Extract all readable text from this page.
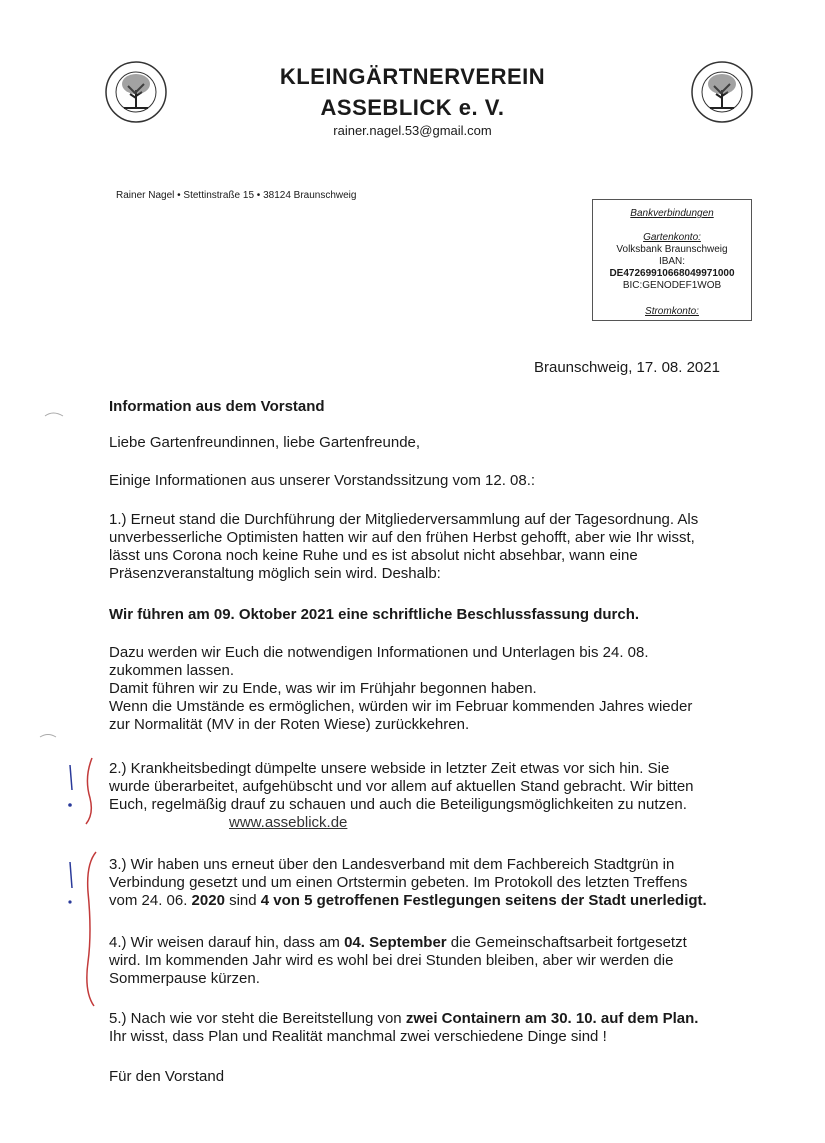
KLEINGÄRTNERVEREIN
ASSEBLICK e. V.
rainer.nagel.53@gmail.com
Rainer Nagel • Stettinstraße 15 • 38124 Braunschweig
Bankverbindungen
Gartenkonto:
Volksbank Braunschweig
IBAN:
DE47269910668049971000
BIC:GENODEF1WOB
Stromkonto:
Braunschweig, 17. 08. 2021
Information aus dem Vorstand
Liebe Gartenfreundinnen, liebe Gartenfreunde,
Einige Informationen aus unserer Vorstandssitzung vom 12. 08.:
1.) Erneut stand die Durchführung der Mitgliederversammlung auf der Tagesordnung. Als
unverbesserliche Optimisten hatten wir auf den frühen Herbst gehofft, aber wie Ihr wisst,
lässt uns Corona noch keine Ruhe und es ist absolut nicht absehbar, wann eine
Präsenzveranstaltung möglich sein wird. Deshalb:
Wir führen am 09. Oktober 2021 eine schriftliche Beschlussfassung durch.
Dazu werden wir Euch die notwendigen Informationen und Unterlagen bis 24. 08.
zukommen lassen.
Damit führen wir zu Ende, was wir im Frühjahr begonnen haben.
Wenn die Umstände es ermöglichen, würden wir im Februar kommenden Jahres wieder
zur Normalität (MV in der Roten Wiese) zurückkehren.
2.) Krankheitsbedingt dümpelte unsere webside in letzter Zeit etwas vor sich hin. Sie
wurde überarbeitet, aufgehübscht und vor allem auf aktuellen Stand gebracht. Wir bitten
Euch, regelmäßig drauf zu schauen und auch die Beteiligungsmöglichkeiten zu nutzen.
www.asseblick.de
3.) Wir haben uns erneut über den Landesverband mit dem Fachbereich Stadtgrün in
Verbindung gesetzt und um einen Ortstermin gebeten. Im Protokoll des letzten Treffens
vom 24. 06. 2020 sind 4 von 5 getroffenen Festlegungen seitens der Stadt unerledigt.
4.) Wir weisen darauf hin, dass am 04. September die Gemeinschaftsarbeit fortgesetzt
wird. Im kommenden Jahr wird es wohl bei drei Stunden bleiben, aber wir werden die
Sommerpause kürzen.
5.) Nach wie vor steht die Bereitstellung von zwei Containern am 30. 10. auf dem Plan.
Ihr wisst, dass Plan und Realität manchmal zwei verschiedene Dinge sind !
Für den Vorstand
